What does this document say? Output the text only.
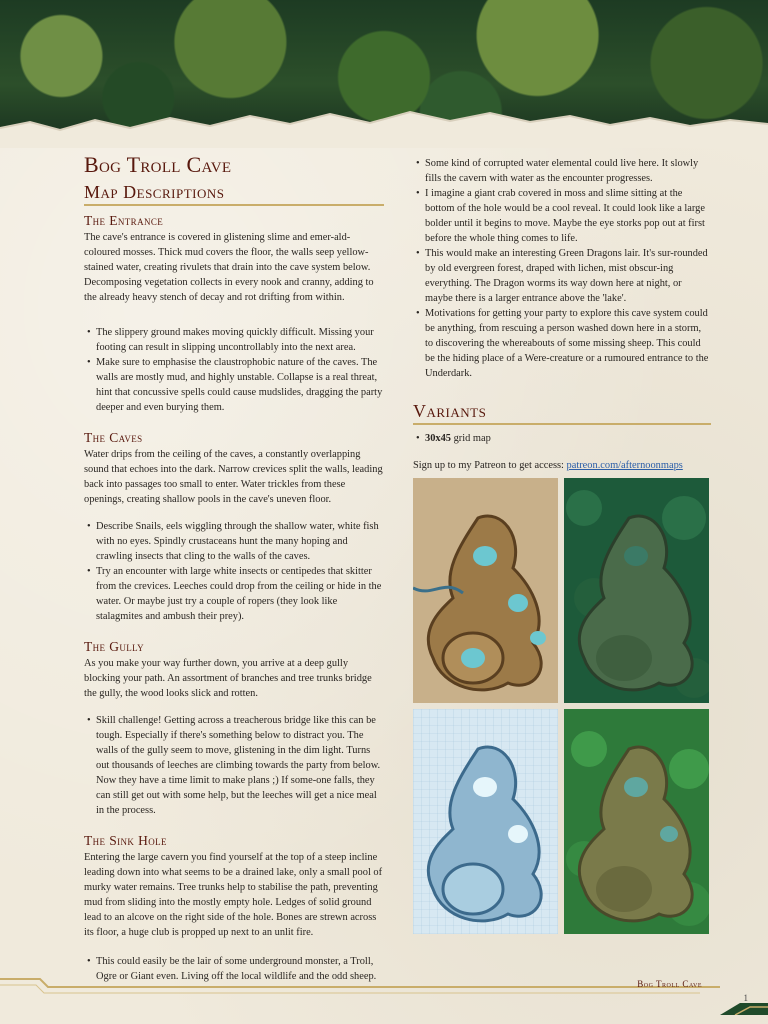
Bog Troll Cave
Map Descriptions
The Entrance

The cave's entrance is covered in glistening slime and emer-ald-coloured mosses. Thick mud covers the floor, the walls seep yellow-stained water, creating rivulets that drain into the cave system below. Decomposing vegetation collects in every nook and cranny, adding to the already heavy stench of decay and rot drifting from within.

• The slippery ground makes moving quickly difficult. Missing your footing can result in slipping uncontrollably into the next area.
• Make sure to emphasise the claustrophobic nature of the caves. The walls are mostly mud, and highly unstable. Collapse is a real threat, hint that concussive spells could cause mudslides, dragging the party deeper and even burying them.
The Caves

Water drips from the ceiling of the caves, a constantly overlapping sound that echoes into the dark. Narrow crevices split the walls, leading back into passages too small to enter. Water trickles from these openings, creating shallow pools in the cave's uneven floor.

• Describe Snails, eels wiggling through the shallow water, white fish with no eyes. Spindly crustaceans hunt the many hoping and crawling insects that cling to the walls of the caves.
• Try an encounter with large white insects or centipedes that skitter from the crevices. Leeches could drop from the ceiling or hide in the water. Or maybe just try a couple of ropers (they look like stalagmites and ambush their prey).
The Gully

As you make your way further down, you arrive at a deep gully blocking your path. An assortment of branches and tree trunks bridge the gully, the wood looks slick and rotten.

• Skill challenge! Getting across a treacherous bridge like this can be tough. Especially if there's something below to distract you. The walls of the gully seem to move, glistening in the dim light. Turns out thousands of leeches are climbing towards the party from below. Now they have a time limit to make plans ;) If some-one falls, they can still get out with some help, but the leeches will get a nice meal in the process.
The Sink Hole

Entering the large cavern you find yourself at the top of a steep incline leading down into what seems to be a drained lake, only a small pool of murky water remains. Tree trunks help to stabilise the path, preventing mud from sliding into the mostly empty hole. Ledges of solid ground lead to an alcove on the right side of the hole. Bones are strewn across its floor, a huge club is propped up next to an unlit fire.

• This could easily be the lair of some underground monster, a Troll, Ogre or Giant even. Living off the local wildlife and the odd sheep.
• Some kind of corrupted water elemental could live here. It slowly fills the cavern with water as the encounter progresses.
• I imagine a giant crab covered in moss and slime sitting at the bottom of the hole would be a cool reveal. It could look like a large bolder until it begins to move. Maybe the eye storks pop out at first before the whole thing comes to life.
• This would make an interesting Green Dragons lair. It's sur-rounded by old evergreen forest, draped with lichen, mist obscur-ing everything. The Dragon worms its way down here at night, or maybe there is a larger entrance above the 'lake'.
• Motivations for getting your party to explore this cave system could be anything, from rescuing a person washed down here in a storm, to discovering the whereabouts of some missing sheep. This could be the hiding place of a Were-creature or a rumoured entrance to the Underdark.
Variants
• 30x45 grid map

Sign up to my Patreon to get access: patreon.com/afternoonmaps

Bog Troll Cave
1
